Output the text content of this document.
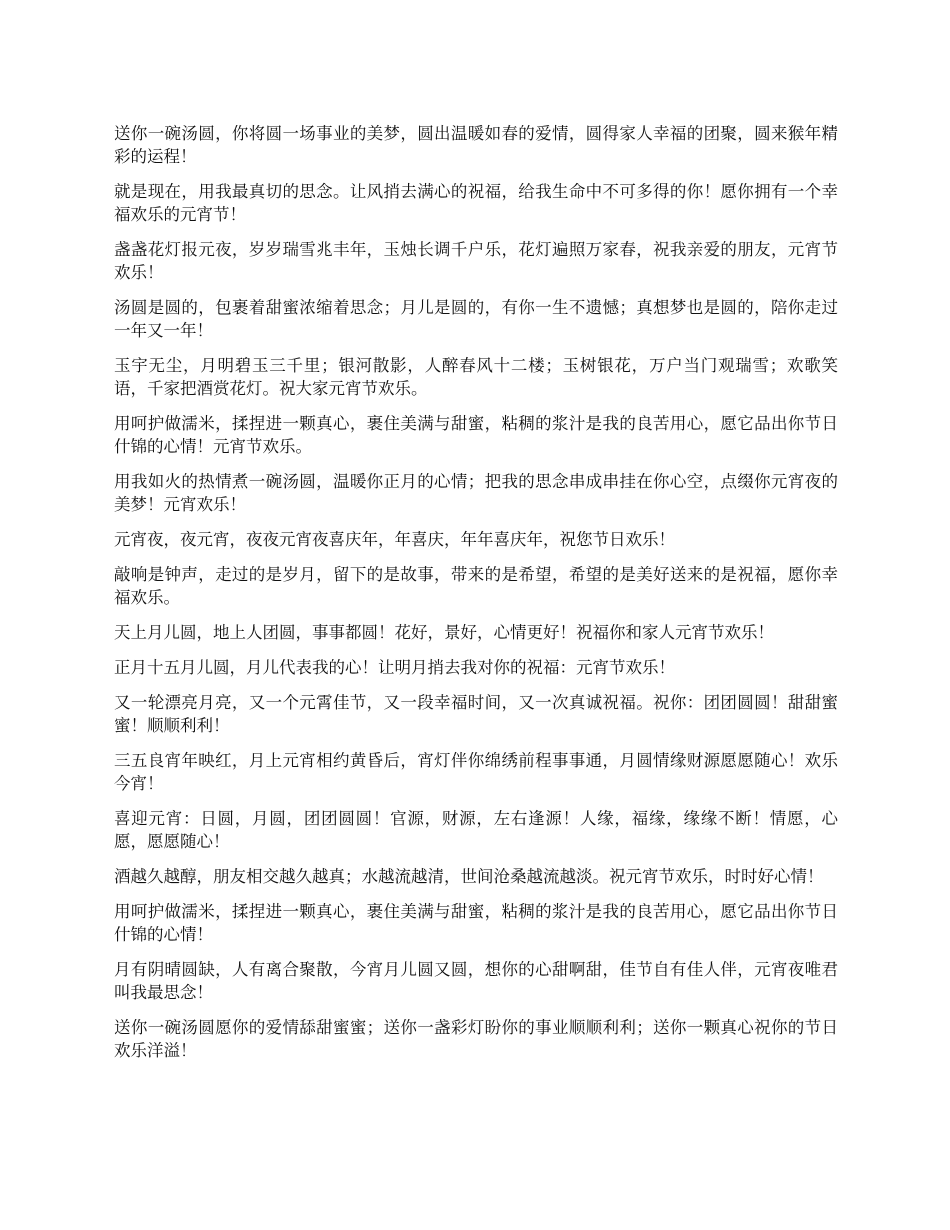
送你一碗汤圆，你将圆一场事业的美梦，圆出温暖如春的爱情，圆得家人幸福的团聚，圆来猴年精彩的运程！

就是现在，用我最真切的思念。让风捎去满心的祝福，给我生命中不可多得的你！愿你拥有一个幸福欢乐的元宵节！

盏盏花灯报元夜，岁岁瑞雪兆丰年，玉烛长调千户乐，花灯遍照万家春，祝我亲爱的朋友，元宵节欢乐！

汤圆是圆的，包裹着甜蜜浓缩着思念；月儿是圆的，有你一生不遗憾；真想梦也是圆的，陪你走过一年又一年！

玉宇无尘，月明碧玉三千里；银河散影，人醉春风十二楼；玉树银花，万户当门观瑞雪；欢歌笑语，千家把酒赏花灯。祝大家元宵节欢乐。

用呵护做濡米，揉捏进一颗真心，裹住美满与甜蜜，粘稠的浆汁是我的良苦用心，愿它品出你节日什锦的心情！元宵节欢乐。

用我如火的热情煮一碗汤圆，温暖你正月的心情；把我的思念串成串挂在你心空，点缀你元宵夜的美梦！元宵欢乐！

元宵夜，夜元宵，夜夜元宵夜喜庆年，年喜庆，年年喜庆年，祝您节日欢乐！

敲响是钟声，走过的是岁月，留下的是故事，带来的是希望，希望的是美好送来的是祝福，愿你幸福欢乐。

天上月儿圆，地上人团圆，事事都圆！花好，景好，心情更好！祝福你和家人元宵节欢乐！

正月十五月儿圆，月儿代表我的心！让明月捎去我对你的祝福：元宵节欢乐！

又一轮漂亮月亮，又一个元霄佳节，又一段幸福时间，又一次真诚祝福。祝你：团团圆圆！甜甜蜜蜜！顺顺利利！

三五良宵年映红，月上元宵相约黄昏后，宵灯伴你绵绣前程事事通，月圆情缘财源愿愿随心！欢乐今宵！

喜迎元宵：日圆，月圆，团团圆圆！官源，财源，左右逢源！人缘，福缘，缘缘不断！情愿，心愿，愿愿随心！

酒越久越醇，朋友相交越久越真；水越流越清，世间沧桑越流越淡。祝元宵节欢乐，时时好心情！

用呵护做濡米，揉捏进一颗真心，裹住美满与甜蜜，粘稠的浆汁是我的良苦用心，愿它品出你节日什锦的心情！

月有阴晴圆缺，人有离合聚散，今宵月儿圆又圆，想你的心甜啊甜，佳节自有佳人伴，元宵夜唯君叫我最思念！

送你一碗汤圆愿你的爱情舔甜蜜蜜；送你一盏彩灯盼你的事业顺顺利利；送你一颗真心祝你的节日欢乐洋溢！
